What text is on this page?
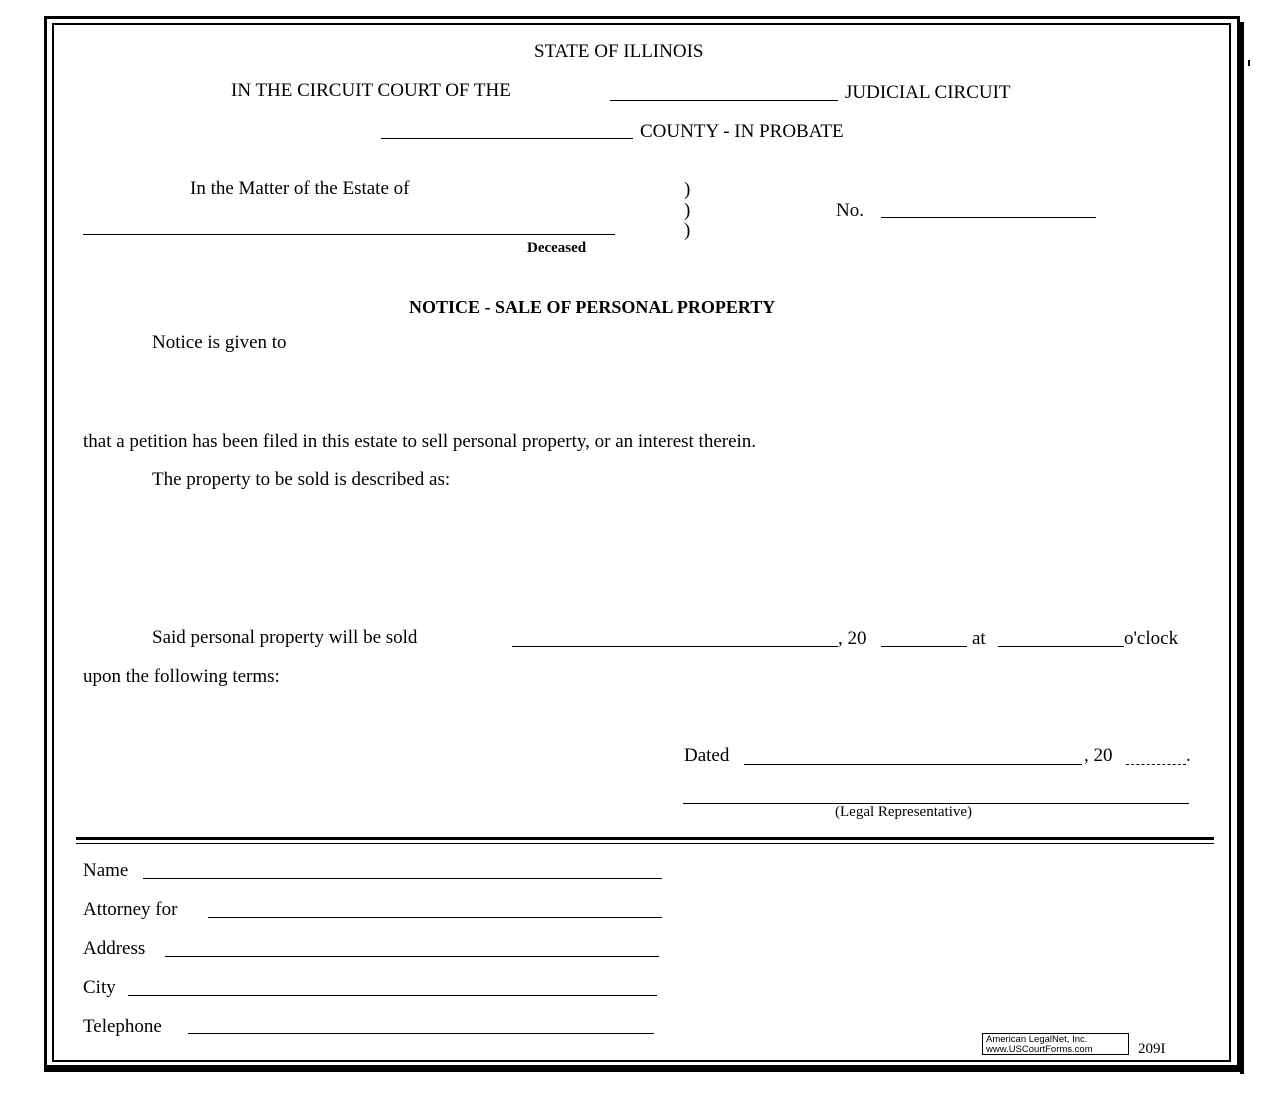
STATE OF ILLINOIS
IN THE CIRCUIT COURT OF THE	JUDICIAL CIRCUIT
COUNTY - IN PROBATE
In the Matter of the Estate of	)
)
)
No.
Deceased
NOTICE - SALE OF PERSONAL PROPERTY
Notice is given to
that a petition has been filed in this estate to sell personal property, or an interest therein.
The property to be sold is described as:
Said personal property will be sold	, 20	at	o'clock
upon the following terms:
Dated	, 20	.
(Legal Representative)
Name
Attorney for
Address
City
Telephone
American LegalNet, Inc.
www.USCourtForms.com	209I
